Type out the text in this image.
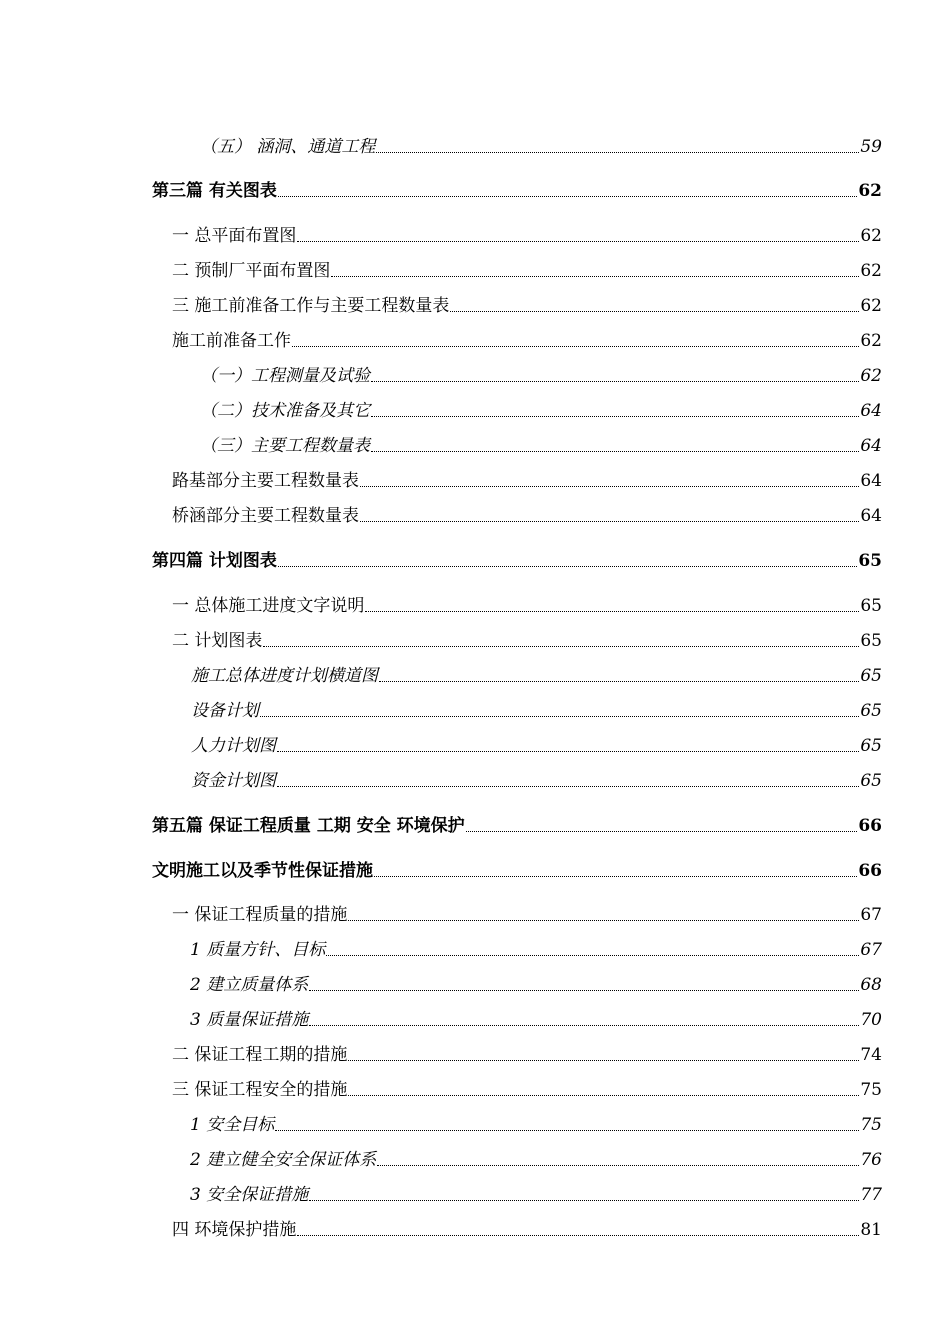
（五） 涵洞、通道工程	59
第三篇 有关图表	62
一 总平面布置图	62
二 预制厂平面布置图	62
三 施工前准备工作与主要工程数量表	62
施工前准备工作	62
（一）工程测量及试验	62
（二）技术准备及其它	64
（三）主要工程数量表	64
路基部分主要工程数量表	64
桥涵部分主要工程数量表	64
第四篇 计划图表	65
一 总体施工进度文字说明	65
二 计划图表	65
施工总体进度计划横道图	65
设备计划	65
人力计划图	65
资金计划图	65
第五篇 保证工程质量 工期 安全 环境保护	66
文明施工以及季节性保证措施	66
一 保证工程质量的措施	67
1 质量方针、目标	67
2 建立质量体系	68
3 质量保证措施	70
二 保证工程工期的措施	74
三 保证工程安全的措施	75
1 安全目标	75
2 建立健全安全保证体系	76
3 安全保证措施	77
四 环境保护措施	81
